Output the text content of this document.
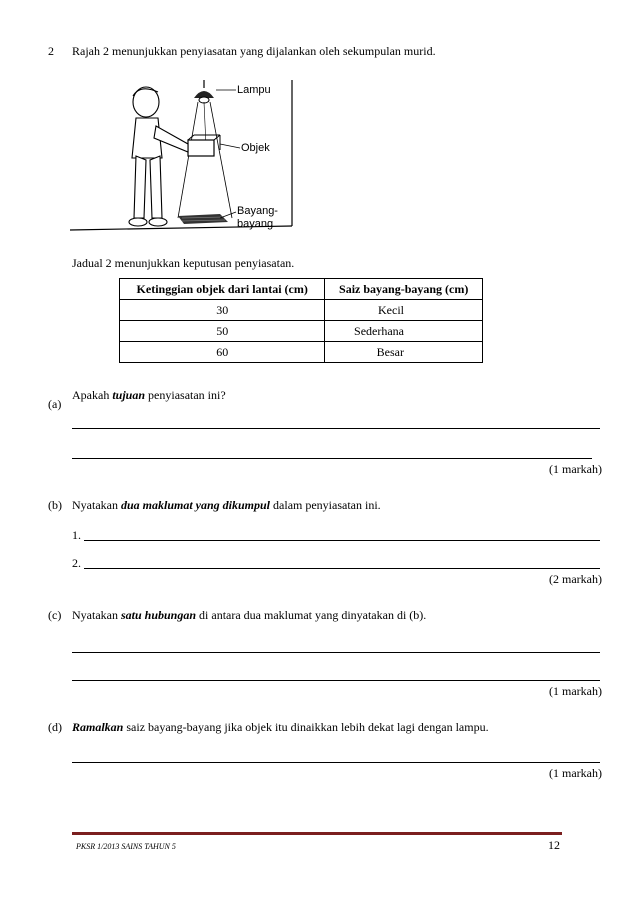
2 Rajah 2 menunjukkan penyiasatan yang dijalankan oleh sekumpulan murid.
Lampu
Objek
Bayang-
bayang
Jadual 2 menunjukkan keputusan penyiasatan.
Ketinggian objek dari lantai (cm)	Saiz bayang-bayang (cm)
30	Kecil
50	Sederhana
60	Besar
(a)
Apakah tujuan penyiasatan ini?
(1 markah)
(b) Nyatakan dua maklumat yang dikumpul dalam penyiasatan ini.
1.
2.
(2 markah)
(c) Nyatakan satu hubungan di antara dua maklumat yang dinyatakan di (b).
(1 markah)
(d) Ramalkan saiz bayang-bayang jika objek itu dinaikkan lebih dekat lagi dengan lampu.
(1 markah)
PKSR 1/2013 SAINS TAHUN 5	12
